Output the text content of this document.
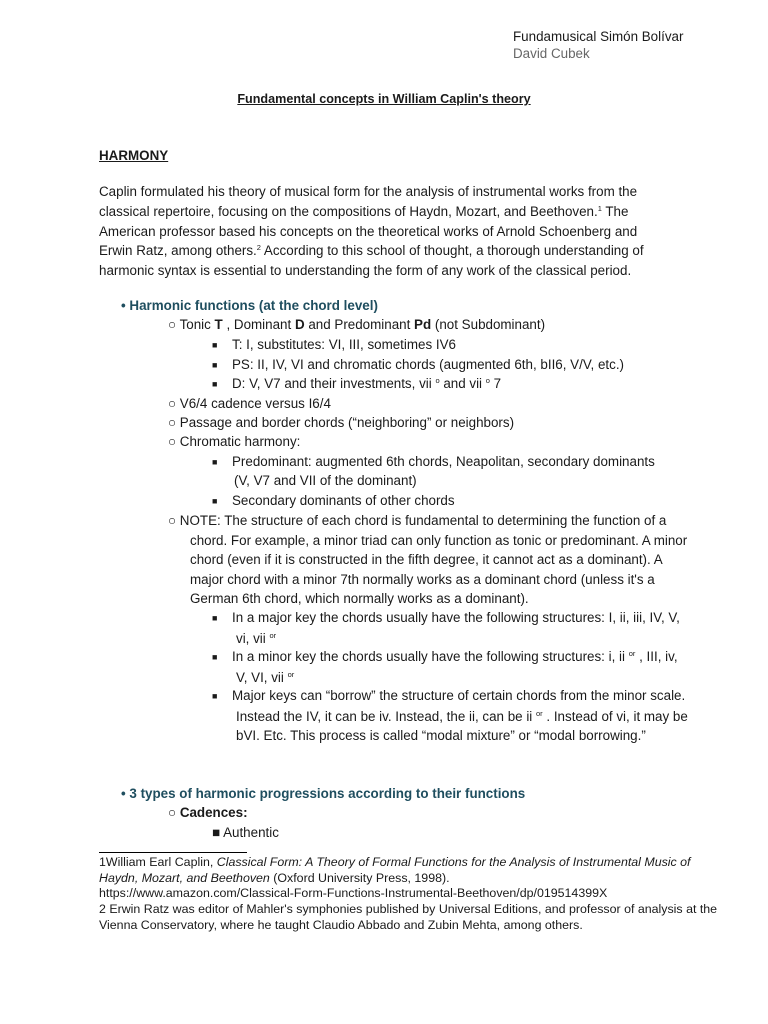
Fundamusical Simón Bolívar
David Cubek
Fundamental concepts in William Caplin's theory
HARMONY
Caplin formulated his theory of musical form for the analysis of instrumental works from the classical repertoire, focusing on the compositions of Haydn, Mozart, and Beethoven.$^1$ The American professor based his concepts on the theoretical works of Arnold Schoenberg and Erwin Ratz, among others.$^2$ According to this school of thought, a thorough understanding of harmonic syntax is essential to understanding the form of any work of the classical period.
• Harmonic functions (at the chord level)
○ Tonic T , Dominant D and Predominant Pd (not Subdominant)
■ T: I, substitutes: VI, III, sometimes IV6
■ PS: II, IV, VI and chromatic chords (augmented 6th, bII6, V/V, etc.)
■ D: V, V7 and their investments, vii $^o$ and vii $^o$ 7
○ V6/4 cadence versus I6/4
○ Passage and border chords (“neighboring” or neighbors)
○ Chromatic harmony:
■ Predominant: augmented 6th chords, Neapolitan, secondary dominants
(V, V7 and VII of the dominant)
■ Secondary dominants of other chords
○ NOTE: The structure of each chord is fundamental to determining the function of a chord. For example, a minor triad can only function as tonic or predominant. A minor chord (even if it is constructed in the fifth degree, it cannot act as a dominant). A major chord with a minor 7th normally works as a dominant chord (unless it's a German 6th chord, which normally works as a dominant).
■ In a major key the chords usually have the following structures: I, ii, iii, IV, V, vi, vii $^{or}$
■ In a minor key the chords usually have the following structures: i, ii $^{or}$ , III, iv, V, VI, vii $^{or}$
■ Major keys can “borrow” the structure of certain chords from the minor scale. Instead the IV, it can be iv. Instead, the ii, can be ii $^{or}$ . Instead of vi, it may be bVI. Etc. This process is called “modal mixture” or “modal borrowing.”
• 3 types of harmonic progressions according to their functions
○ Cadences:
■ Authentic
1William Earl Caplin, Classical Form: A Theory of Formal Functions for the Analysis of Instrumental Music of Haydn, Mozart, and Beethoven (Oxford University Press, 1998).
https://www.amazon.com/Classical-Form-Functions-Instrumental-Beethoven/dp/019514399X
2 Erwin Ratz was editor of Mahler's symphonies published by Universal Editions, and professor of analysis at the Vienna Conservatory, where he taught Claudio Abbado and Zubin Mehta, among others.
